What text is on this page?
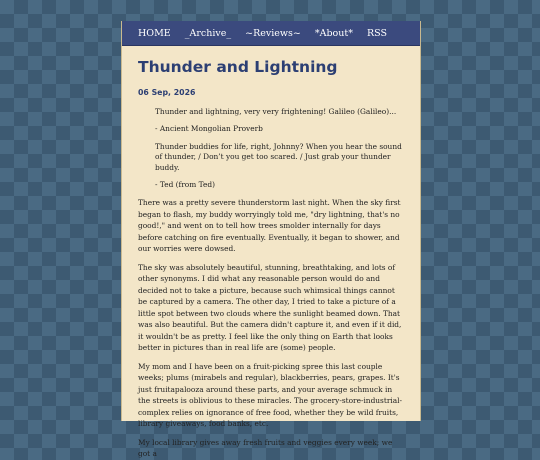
HOME _Archive_ ~Reviews~ *About* RSS
Thunder and Lightning
06 Sep, 2026

Thunder and lightning, very very frightening! Galileo (Galileo)...

- Ancient Mongolian Proverb

Thunder buddies for life, right, Johnny? When you hear the sound of thunder, / Don’t you get too scared. / Just grab your thunder buddy.

- Ted (from Ted)

There was a pretty severe thunderstorm last night. When the sky first began to flash, my buddy worryingly told me, "dry lightning, that's no good!," and went on to tell how trees smolder internally for days before catching on fire eventually. Eventually, it began to shower, and our worries were dowsed.

The sky was absolutely beautiful, stunning, breathtaking, and lots of other synonyms. I did what any reasonable person would do and decided not to take a picture, because such whimsical things cannot be captured by a camera. The other day, I tried to take a picture of a little spot between two clouds where the sunlight beamed down. That was also beautiful. But the camera didn't capture it, and even if it did, it wouldn't be as pretty. I feel like the only thing on Earth that looks better in pictures than in real life are (some) people.

My mom and I have been on a fruit-picking spree this last couple weeks; plums (mirabels and regular), blackberries, pears, grapes. It's just fruitapalooza around these parts, and your average schmuck in the streets is oblivious to these miracles. The grocery-store-industrial-complex relies on ignorance of free food, whether they be wild fruits, library giveaways, food banks, etc.

My local library gives away fresh fruits and veggies every week; we got a
